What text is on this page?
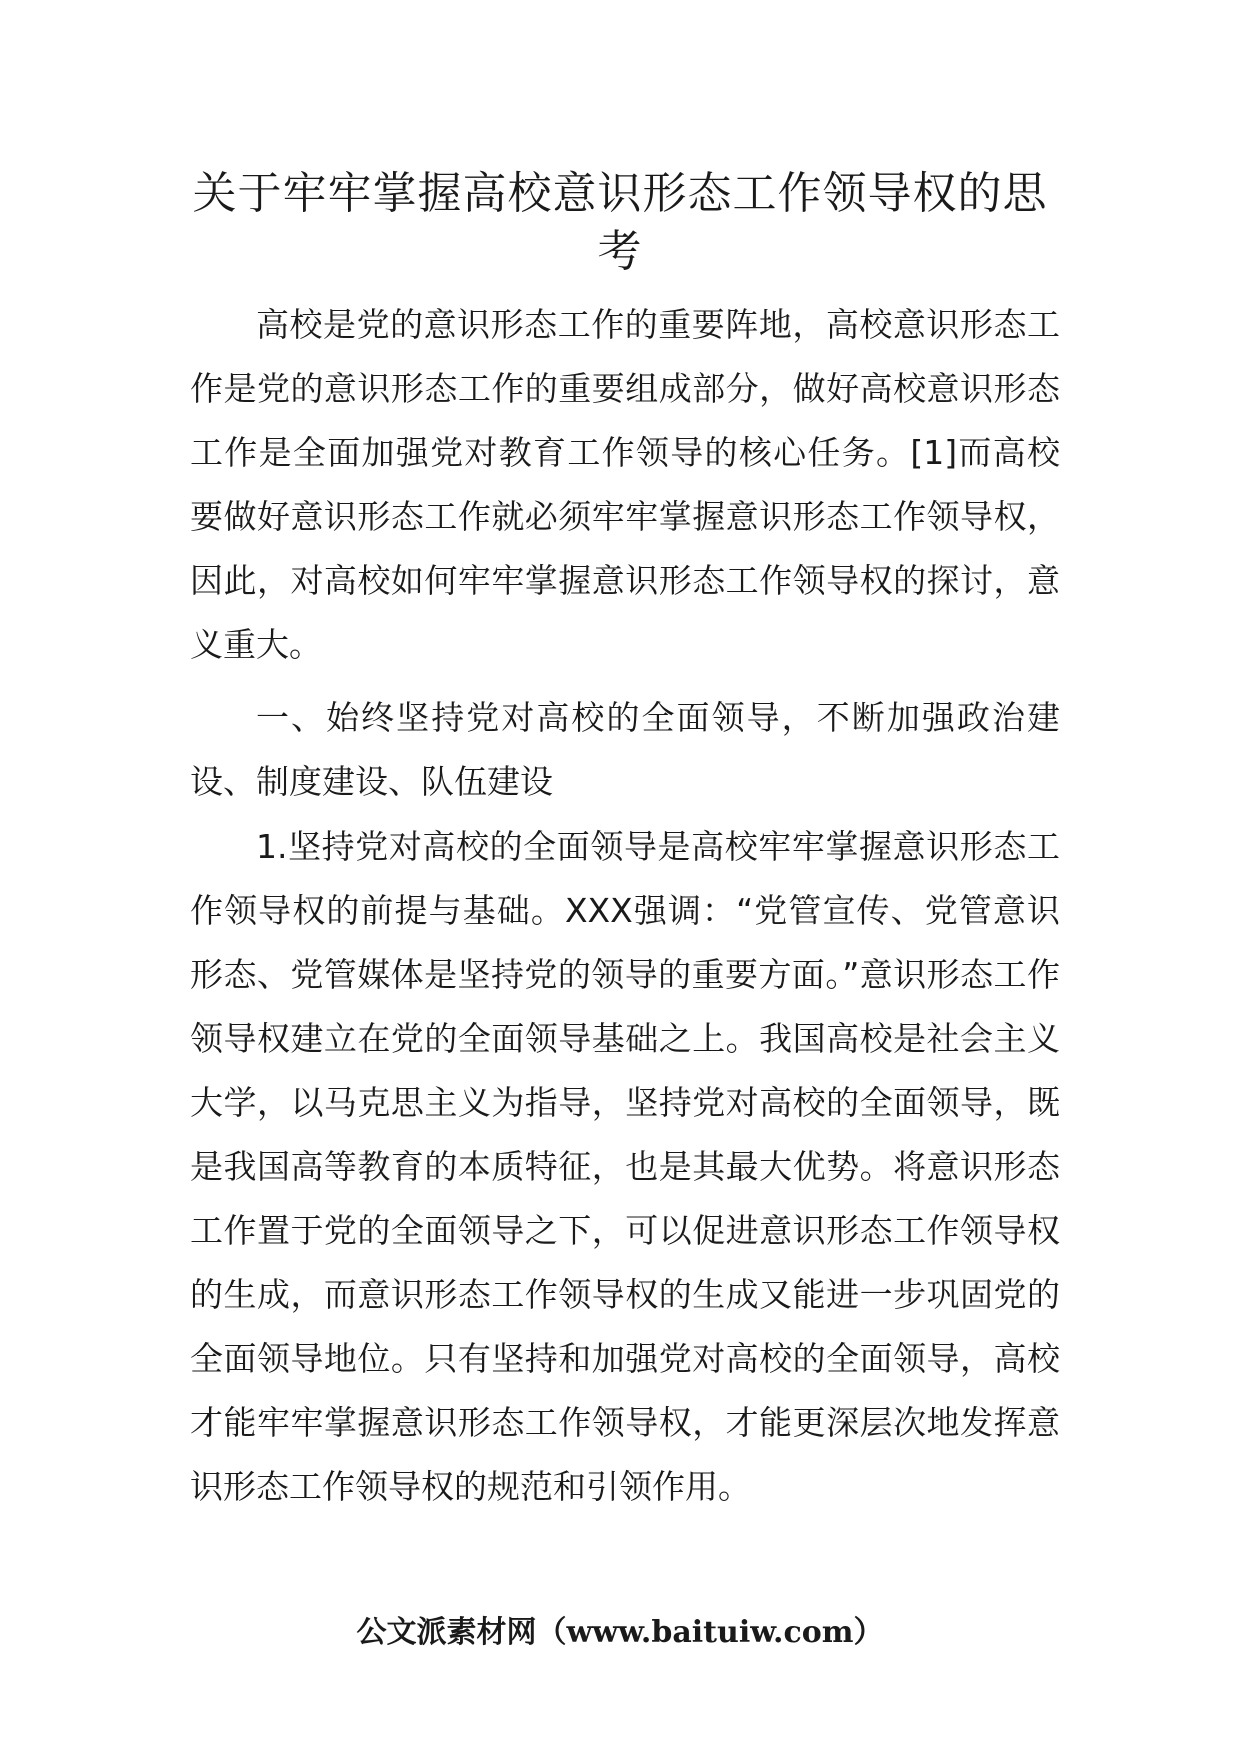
关于牢牢掌握高校意识形态工作领导权的思考

高校是党的意识形态工作的重要阵地，高校意识形态工作是党的意识形态工作的重要组成部分，做好高校意识形态工作是全面加强党对教育工作领导的核心任务。[1]而高校要做好意识形态工作就必须牢牢掌握意识形态工作领导权，因此，对高校如何牢牢掌握意识形态工作领导权的探讨，意义重大。

一、始终坚持党对高校的全面领导，不断加强政治建设、制度建设、队伍建设

1.坚持党对高校的全面领导是高校牢牢掌握意识形态工作领导权的前提与基础。XXX强调：“党管宣传、党管意识形态、党管媒体是坚持党的领导的重要方面。”意识形态工作领导权建立在党的全面领导基础之上。我国高校是社会主义大学，以马克思主义为指导，坚持党对高校的全面领导，既是我国高等教育的本质特征，也是其最大优势。将意识形态工作置于党的全面领导之下，可以促进意识形态工作领导权的生成，而意识形态工作领导权的生成又能进一步巩固党的全面领导地位。只有坚持和加强党对高校的全面领导，高校才能牢牢掌握意识形态工作领导权，才能更深层次地发挥意识形态工作领导权的规范和引领作用。

公文派素材网（www.baituiw.com）
